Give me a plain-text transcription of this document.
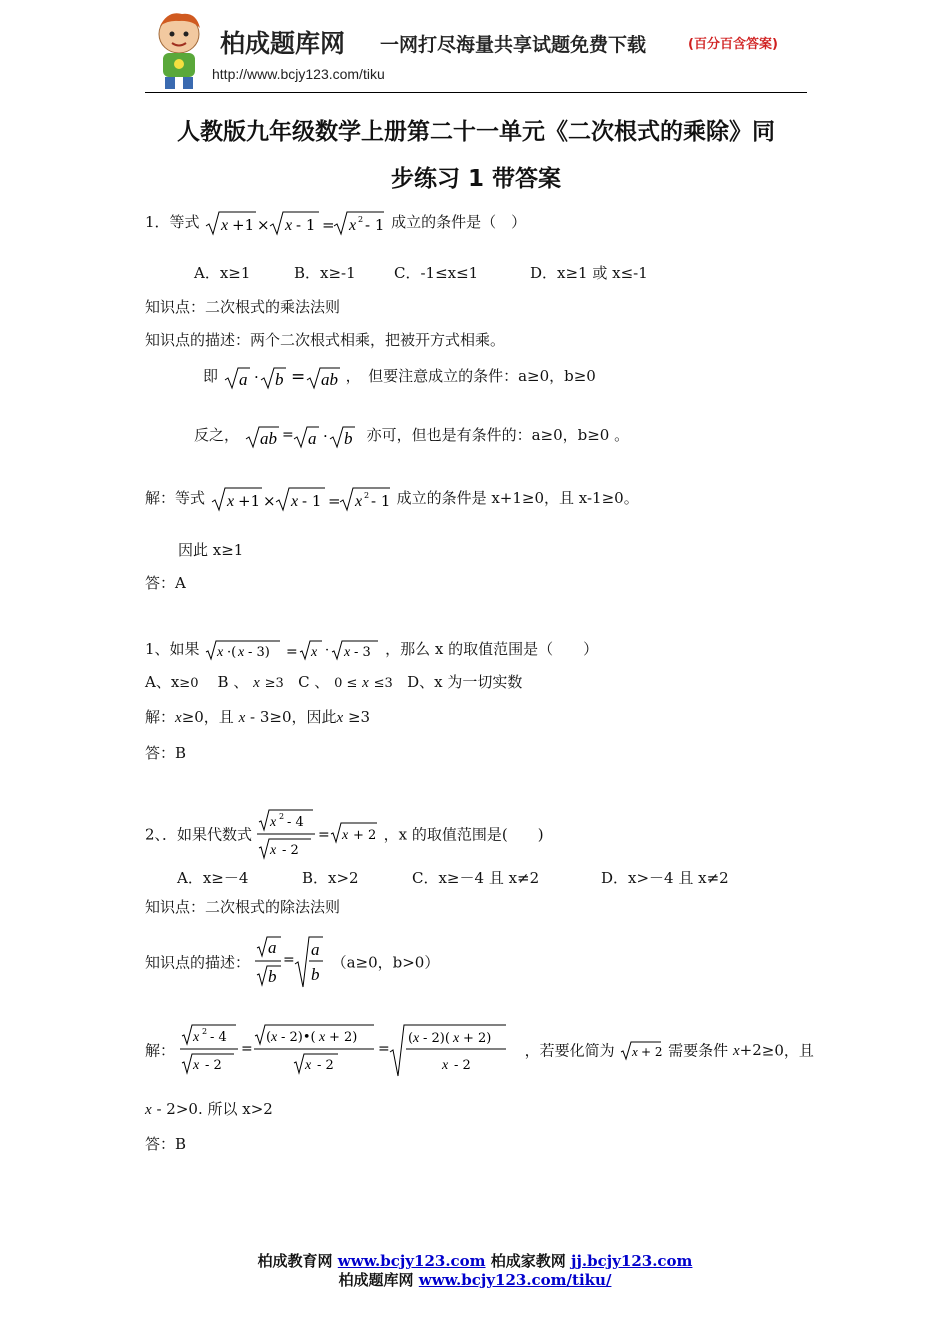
柏成题库网 一网打尽海量共享试题免费下载	(百分百含答案)
http://www.bcjy123.com/tiku
人教版九年级数学上册第二十一单元《二次根式的乘除》同
步练习 1 带答案
1．等式 x +1 × x - 1 = x 2 - 1 成立的条件是（　）
A．x≥1	B．x≥-1	C．-1≤x≤1	D．x≥1 或 x≤-1
知识点：二次根式的乘法法则
知识点的描述：两个二次根式相乘，把被开方式相乘。
即 a · b = ab ，　但要注意成立的条件：a≥0，b≥0
反之， ab = a · b 亦可，但也是有条件的：a≥0，b≥0 。
解：等式 x +1 × x - 1 = x 2 - 1 成立的条件是 x+1≥0，且 x-1≥0。
因此 x≥1
答：A
1、如果 x ·( x - 3) = x · x - 3 ，那么 x 的取值范围是（　　）
A、x≥0 B 、 x ≥3 C 、 0 ≤ x ≤3 D、x 为一切实数
解：x≥0，且 x - 3≥0，因此x ≥3
答：B
2、．如果代数式
x 2 - 4
x - 2
= x + 2 ，x 的取值范围是(　　)
A．x≥－4	B．x>2	C．x≥－4 且 x≠2	D．x>－4 且 x≠2
知识点：二次根式的除法法则
知识点的描述：
a
b
=
a
b
（a≥0，b>0）
解：
x 2 - 4
x - 2
=
( x - 2)•( x + 2)
x - 2
=
( x - 2)( x + 2)
x - 2
，若要化简为 x + 2 需要条件 x+2≥0，且
x - 2>0. 所以 x>2
答：B
柏成教育网 www.bcjy123.com 柏成家教网 jj.bcjy123.com
柏成题库网 www.bcjy123.com/tiku/
